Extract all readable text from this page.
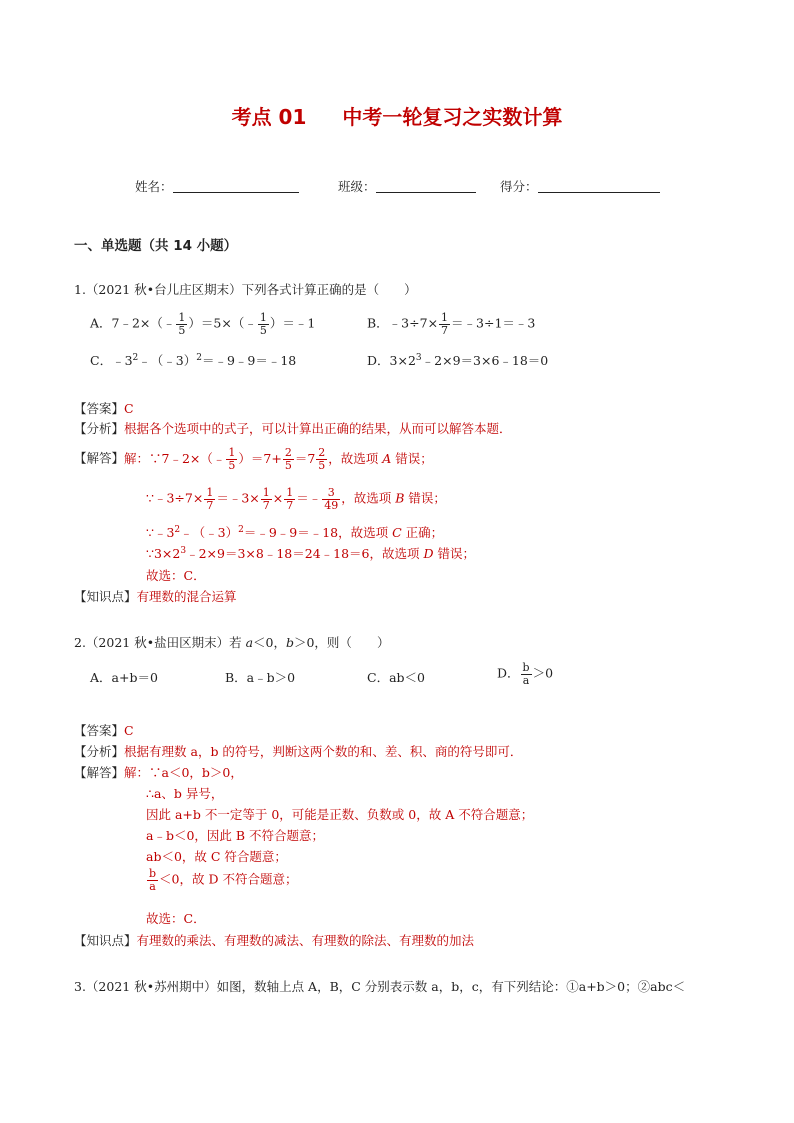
考点 01 中考一轮复习之实数计算
姓名：	班级：	得分：
一、单选题（共 14 小题）
1.（2021 秋•台儿庄区期末）下列各式计算正确的是（　　）
A．7﹣2×（﹣ $\frac{1}{5}$ ）＝5×（﹣ $\frac{1}{5}$ ）＝﹣1	B．﹣3÷7× $\frac{1}{7}$ ＝﹣3÷1＝﹣3
C．$﹣3^2﹣(﹣3)^2=﹣9﹣9=﹣18$	D．$3\times 2^3﹣2\times 9=3\times 6﹣18=0$
【答案】C
【分析】根据各个选项中的式子，可以计算出正确的结果，从而可以解答本题．
【解答】解：∵7﹣2×（﹣ $\frac{1}{5} )=7+ \frac{2}{5} =7 \frac{2}{5}$ ，故选项 A 错误；
∵﹣3÷7× $\frac{1}{7}$ ＝﹣3× $\frac{1}{7} \times \frac{1}{7}$ ＝﹣ $\frac{3}{49}$ ，故选项 B 错误；
$\because﹣3^2﹣(﹣3)^2=﹣9﹣9=﹣18$，故选项 C 正确；
$\because 3\times 2^3﹣2\times 9=3\times 8﹣18=24﹣18=6$，故选项 D 错误；
故选：C．
【知识点】有理数的混合运算
2.（2021 秋•盐田区期末）若 a＜0，b＞0，则（　　）
A．a+b＝0	B．a﹣b＞0	C．ab＜0	D． $\frac{b}{a} >0$
【答案】C
【分析】根据有理数 a，b 的符号，判断这两个数的和、差、积、商的符号即可．
【解答】解：∵a＜0，b＞0，
∴a、b 异号，
因此 a+b 不一定等于 0，可能是正数、负数或 0，故 A 不符合题意；
a﹣b＜0，因此 B 不符合题意；
ab＜0，故 C 符合题意；
$\frac{b}{a} <0$，故 D 不符合题意；
故选：C．
【知识点】有理数的乘法、有理数的减法、有理数的除法、有理数的加法
3.（2021 秋•苏州期中）如图，数轴上点 A，B，C 分别表示数 a，b，c，有下列结论：①a+b＞0；②abc＜
